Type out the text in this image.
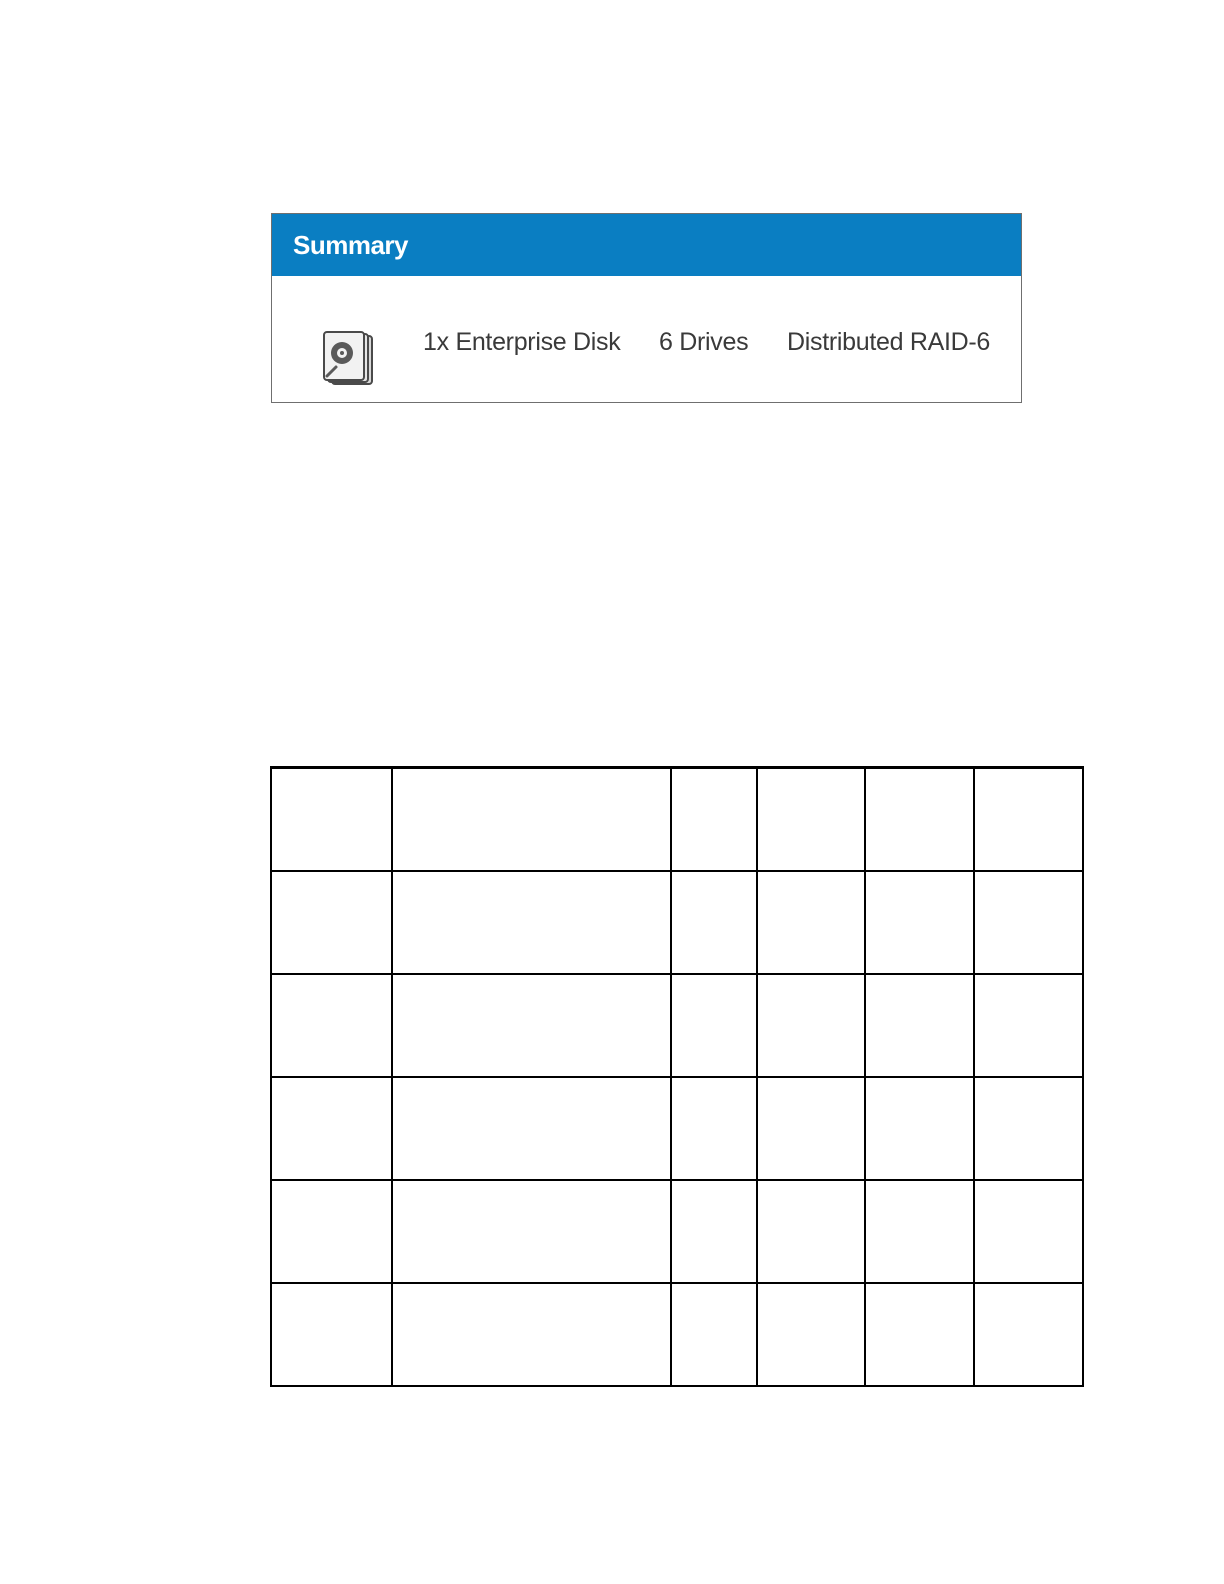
Summary
1x Enterprise Disk 6 Drives Distributed RAID-6
